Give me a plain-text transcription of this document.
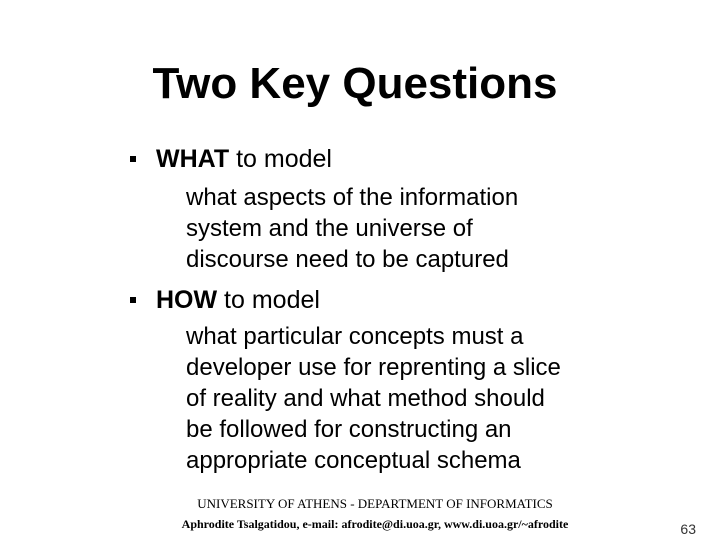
Two Key Questions
WHAT to model
what aspects of the information
system and the universe of
discourse need to be captured
HOW to model
what particular concepts must a
developer use for reprenting a slice
of reality and what method should
be followed for constructing an
appropriate conceptual schema
UNIVERSITY OF ATHENS - DEPARTMENT OF INFORMATICS
Aphrodite Tsalgatidou, e-mail: afrodite@di.uoa.gr, www.di.uoa.gr/~afrodite	63
